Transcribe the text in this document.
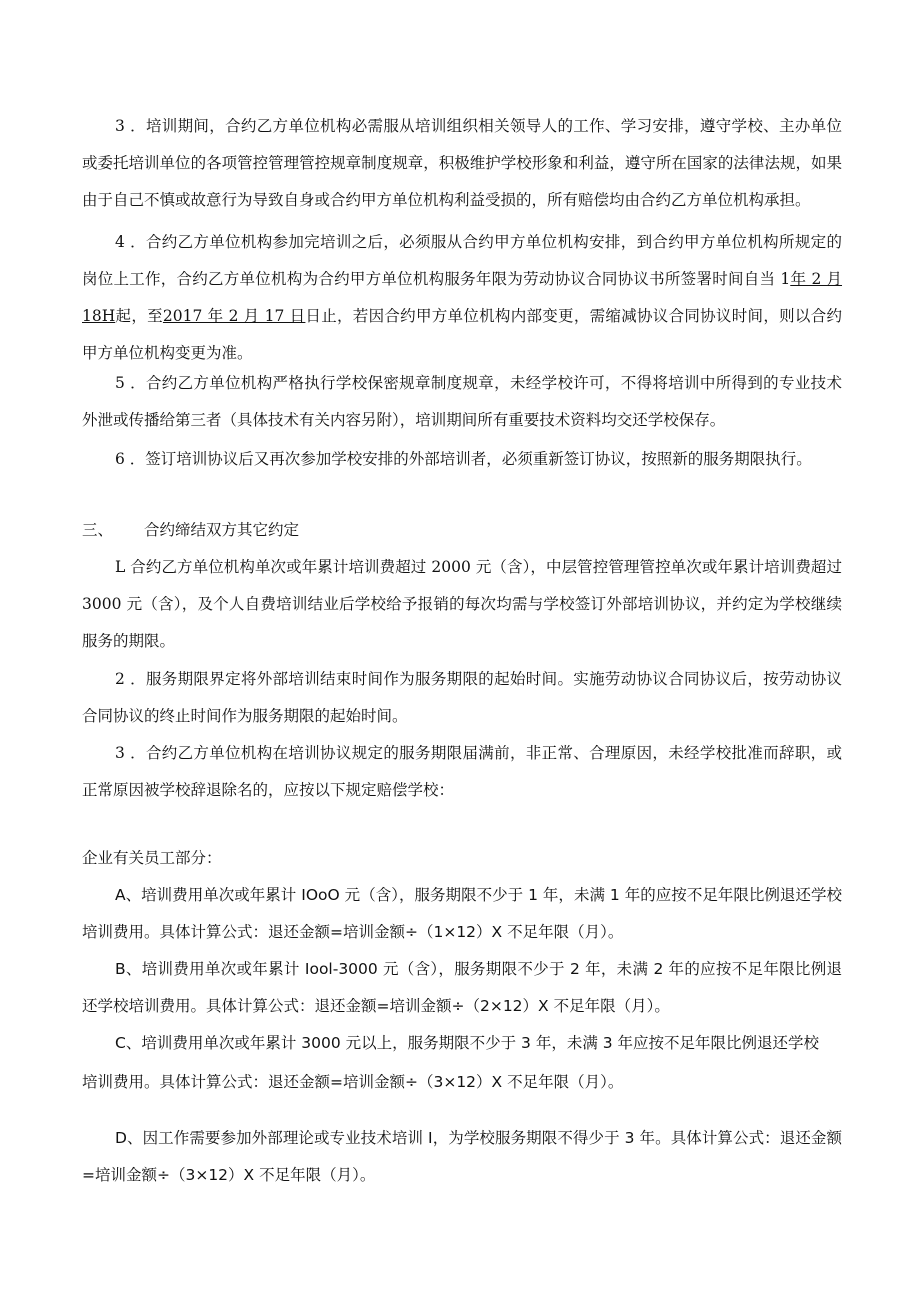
3 ．培训期间，合约乙方单位机构必需服从培训组织相关领导人的工作、学习安排，遵守学校、主办单位或委托培训单位的各项管控管理管控规章制度规章，积极维护学校形象和利益，遵守所在国家的法律法规，如果由于自己不慎或故意行为导致自身或合约甲方单位机构利益受损的，所有赔偿均由合约乙方单位机构承担。

4 ．合约乙方单位机构参加完培训之后，必须服从合约甲方单位机构安排，到合约甲方单位机构所规定的岗位上工作，合约乙方单位机构为合约甲方单位机构服务年限为劳动协议合同协议书所签署时间自当 1年 2 月 18H起，至2017 年 2 月 17 日日止，若因合约甲方单位机构内部变更，需缩减协议合同协议时间，则以合约甲方单位机构变更为准。

5 ．合约乙方单位机构严格执行学校保密规章制度规章，未经学校许可，不得将培训中所得到的专业技术外泄或传播给第三者（具体技术有关内容另附），培训期间所有重要技术资料均交还学校保存。

6 ．签订培训协议后又再次参加学校安排的外部培训者，必须重新签订协议，按照新的服务期限执行。

三、 合约缔结双方其它约定

L 合约乙方单位机构单次或年累计培训费超过 2000 元（含），中层管控管理管控单次或年累计培训费超过 3000 元（含），及个人自费培训结业后学校给予报销的每次均需与学校签订外部培训协议，并约定为学校继续服务的期限。

2 ．服务期限界定将外部培训结束时间作为服务期限的起始时间。实施劳动协议合同协议后，按劳动协议合同协议的终止时间作为服务期限的起始时间。

3 ．合约乙方单位机构在培训协议规定的服务期限届满前，非正常、合理原因，未经学校批准而辞职，或正常原因被学校辞退除名的，应按以下规定赔偿学校：

企业有关员工部分：

A、培训费用单次或年累计 IOoO 元（含），服务期限不少于 1 年，未满 1 年的应按不足年限比例退还学校培训费用。具体计算公式：退还金额=培训金额÷（1×12）X 不足年限（月）。

B、培训费用单次或年累计 Iool-3000 元（含），服务期限不少于 2 年，未满 2 年的应按不足年限比例退还学校培训费用。具体计算公式：退还金额=培训金额÷（2×12）X 不足年限（月）。

C、培训费用单次或年累计 3000 元以上，服务期限不少于 3 年，未满 3 年应按不足年限比例退还学校

培训费用。具体计算公式：退还金额=培训金额÷（3×12）X 不足年限（月）。

D、因工作需要参加外部理论或专业技术培训 I，为学校服务期限不得少于 3 年。具体计算公式：退还金额=培训金额÷（3×12）X 不足年限（月）。
